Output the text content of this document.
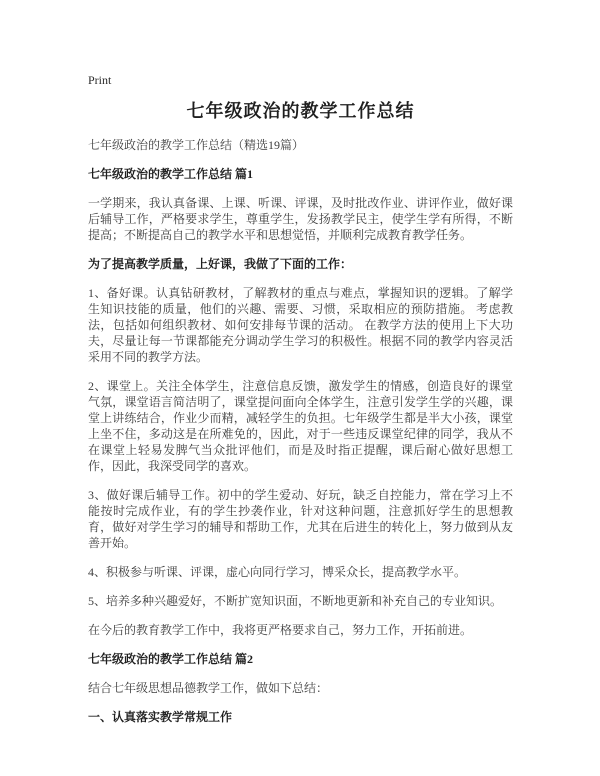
Print
七年级政治的教学工作总结
七年级政治的教学工作总结（精选19篇）
七年级政治的教学工作总结 篇1
一学期来，我认真备课、上课、听课、评课，及时批改作业、讲评作业，做好课后辅导工作，严格要求学生，尊重学生，发扬教学民主，使学生学有所得，不断提高；不断提高自己的教学水平和思想觉悟，并顺利完成教育教学任务。
为了提高教学质量，上好课，我做了下面的工作：
1、备好课。认真钻研教材，了解教材的重点与难点，掌握知识的逻辑。了解学生知识技能的质量，他们的兴趣、需要、习惯，采取相应的预防措施。 考虑教法，包括如何组织教材、如何安排每节课的活动。 在教学方法的使用上下大功夫，尽量让每一节课都能充分调动学生学习的积极性。根据不同的教学内容灵活采用不同的教学方法。
2、课堂上。关注全体学生，注意信息反馈，激发学生的情感，创造良好的课堂气氛，课堂语言简洁明了，课堂提问面向全体学生，注意引发学生学的兴趣，课堂上讲练结合，作业少而精，减轻学生的负担。七年级学生都是半大小孩，课堂上坐不住，多动这是在所难免的，因此，对于一些违反课堂纪律的同学，我从不在课堂上轻易发脾气当众批评他们，而是及时指正提醒，课后耐心做好思想工作，因此，我深受同学的喜欢。
3、做好课后辅导工作。初中的学生爱动、好玩，缺乏自控能力，常在学习上不能按时完成作业，有的学生抄袭作业，针对这种问题，注意抓好学生的思想教育，做好对学生学习的辅导和帮助工作，尤其在后进生的转化上，努力做到从友善开始。
4、积极参与听课、评课，虚心向同行学习，博采众长，提高教学水平。
5、培养多种兴趣爱好，不断扩宽知识面，不断地更新和补充自己的专业知识。
在今后的教育教学工作中，我将更严格要求自己，努力工作，开拓前进。
七年级政治的教学工作总结 篇2
结合七年级思想品德教学工作，做如下总结：
一、认真落实教学常规工作
